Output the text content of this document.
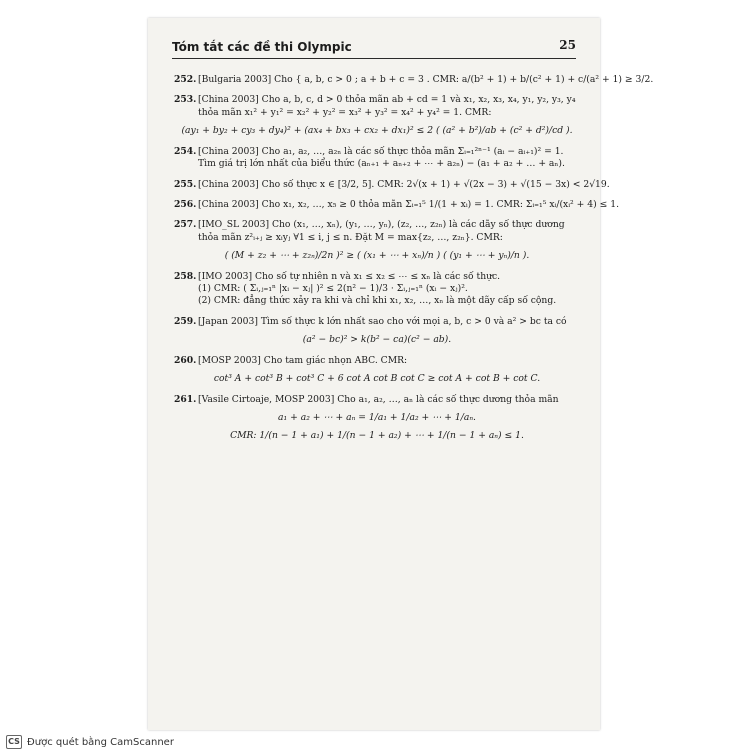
Tóm tắt các đề thi Olympic	25
252. [Bulgaria 2003] Cho { a, b, c > 0 ; a + b + c = 3 . CMR: a/(b² + 1) + b/(c² + 1) + c/(a² + 1) ≥ 3/2.
253. [China 2003] Cho a, b, c, d > 0 thỏa mãn ab + cd = 1 và x₁, x₂, x₃, x₄, y₁, y₂, y₃, y₄
thỏa mãn x₁² + y₁² = x₂² + y₂² = x₃² + y₃² = x₄² + y₄² = 1. CMR:
(ay₁ + by₂ + cy₃ + dy₄)² + (ax₄ + bx₃ + cx₂ + dx₁)² ≤ 2 ( (a² + b²)/ab + (c² + d²)/cd ).
254. [China 2003] Cho a₁, a₂, …, a₂ₙ là các số thực thỏa mãn Σᵢ₌₁²ⁿ⁻¹ (aᵢ − aᵢ₊₁)² = 1.
Tìm giá trị lớn nhất của biểu thức (aₙ₊₁ + aₙ₊₂ + ⋯ + a₂ₙ) − (a₁ + a₂ + … + aₙ).
255. [China 2003] Cho số thực x ∈ [3/2, 5]. CMR: 2√(x + 1) + √(2x − 3) + √(15 − 3x) < 2√19.
256. [China 2003] Cho x₁, x₂, …, x₅ ≥ 0 thỏa mãn Σᵢ₌₁⁵ 1/(1 + xᵢ) = 1. CMR: Σᵢ₌₁⁵ xᵢ/(xᵢ² + 4) ≤ 1.
257. [IMO_SL 2003] Cho (x₁, …, xₙ), (y₁, …, yₙ), (z₂, …, z₂ₙ) là các dãy số thực dương
thỏa mãn z²ᵢ₊ⱼ ≥ xᵢyⱼ ∀1 ≤ i, j ≤ n. Đặt M = max{z₂, …, z₂ₙ}. CMR:
( (M + z₂ + ⋯ + z₂ₙ)/2n )² ≥ ( (x₁ + ⋯ + xₙ)/n ) ( (y₁ + ⋯ + yₙ)/n ).
258. [IMO 2003] Cho số tự nhiên n và x₁ ≤ x₂ ≤ ⋯ ≤ xₙ là các số thực.
(1) CMR: ( Σᵢ,ⱼ₌₁ⁿ |xᵢ − xⱼ| )² ≤ 2(n² − 1)/3 · Σᵢ,ⱼ₌₁ⁿ (xᵢ − xⱼ)².
(2) CMR: đẳng thức xảy ra khi và chỉ khi x₁, x₂, …, xₙ là một dãy cấp số cộng.
259. [Japan 2003] Tìm số thực k lớn nhất sao cho với mọi a, b, c > 0 và a² > bc ta có
(a² − bc)² > k(b² − ca)(c² − ab).
260. [MOSP 2003] Cho tam giác nhọn ABC. CMR:
cot³ A + cot³ B + cot³ C + 6 cot A cot B cot C ≥ cot A + cot B + cot C.
261. [Vasile Cirtoaje, MOSP 2003] Cho a₁, a₂, …, aₙ là các số thực dương thỏa mãn
a₁ + a₂ + ⋯ + aₙ = 1/a₁ + 1/a₂ + ⋯ + 1/aₙ.
CMR: 1/(n − 1 + a₁) + 1/(n − 1 + a₂) + ⋯ + 1/(n − 1 + aₙ) ≤ 1.
CS Được quét bằng CamScanner
